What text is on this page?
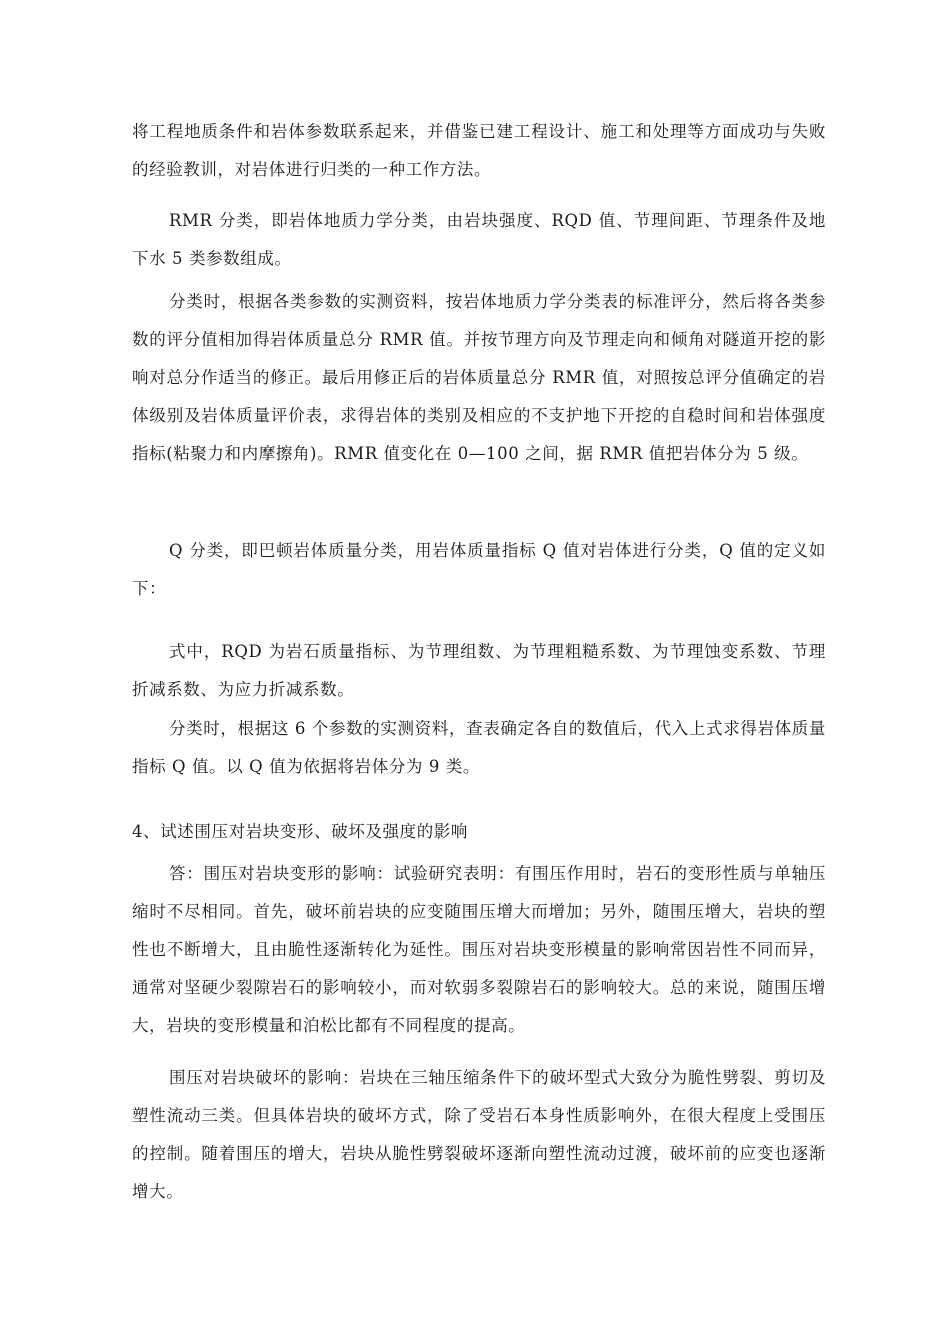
将工程地质条件和岩体参数联系起来，并借鉴已建工程设计、施工和处理等方面成功与失败的经验教训，对岩体进行归类的一种工作方法。

RMR 分类，即岩体地质力学分类，由岩块强度、RQD 值、节理间距、节理条件及地下水 5 类参数组成。

分类时，根据各类参数的实测资料，按岩体地质力学分类表的标准评分，然后将各类参数的评分值相加得岩体质量总分 RMR 值。并按节理方向及节理走向和倾角对隧道开挖的影响对总分作适当的修正。最后用修正后的岩体质量总分 RMR 值，对照按总评分值确定的岩体级别及岩体质量评价表，求得岩体的类别及相应的不支护地下开挖的自稳时间和岩体强度指标(粘聚力和内摩擦角)。RMR 值变化在 0—100 之间，据 RMR 值把岩体分为 5 级。

Q 分类，即巴顿岩体质量分类，用岩体质量指标 Q 值对岩体进行分类，Q 值的定义如下：

式中，RQD 为岩石质量指标、为节理组数、为节理粗糙系数、为节理蚀变系数、节理折减系数、为应力折减系数。

分类时，根据这 6 个参数的实测资料，查表确定各自的数值后，代入上式求得岩体质量指标 Q 值。以 Q 值为依据将岩体分为 9 类。

4、试述围压对岩块变形、破坏及强度的影响

答：围压对岩块变形的影响：试验研究表明：有围压作用时，岩石的变形性质与单轴压缩时不尽相同。首先，破坏前岩块的应变随围压增大而增加；另外，随围压增大，岩块的塑性也不断增大，且由脆性逐渐转化为延性。围压对岩块变形模量的影响常因岩性不同而异，通常对坚硬少裂隙岩石的影响较小，而对软弱多裂隙岩石的影响较大。总的来说，随围压增大，岩块的变形模量和泊松比都有不同程度的提高。

围压对岩块破坏的影响：岩块在三轴压缩条件下的破坏型式大致分为脆性劈裂、剪切及塑性流动三类。但具体岩块的破坏方式，除了受岩石本身性质影响外，在很大程度上受围压的控制。随着围压的增大，岩块从脆性劈裂破坏逐渐向塑性流动过渡，破坏前的应变也逐渐增大。
